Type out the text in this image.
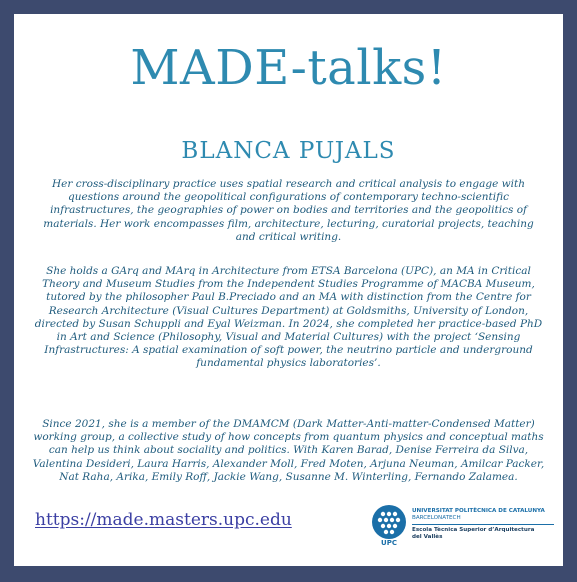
MADE-talks!
BLANCA PUJALS
Her cross-disciplinary practice uses spatial research and critical analysis to engage with questions around the geopolitical configurations of contemporary techno-scientific infrastructures, the geographies of power on bodies and territories and the geopolitics of materials. Her work encompasses film, architecture, lecturing, curatorial projects, teaching and critical writing.
She holds a GArq and MArq in Architecture from ETSA Barcelona (UPC), an MA in Critical Theory and Museum Studies from the Independent Studies Programme of MACBA Museum, tutored by the philosopher Paul B.Preciado and an MA with distinction from the Centre for Research Architecture (Visual Cultures Department) at Goldsmiths, University of London, directed by Susan Schuppli and Eyal Weizman. In 2024, she completed her practice-based PhD in Art and Science (Philosophy, Visual and Material Cultures) with the project ‘Sensing Infrastructures: A spatial examination of soft power, the neutrino particle and underground fundamental physics laboratories’.
Since 2021, she is a member of the DMAMCM (Dark Matter-Anti-matter-Condensed Matter) working group, a collective study of how concepts from quantum physics and conceptual maths can help us think about sociality and politics. With Karen Barad, Denise Ferreira da Silva, Valentina Desideri, Laura Harris, Alexander Moll, Fred Moten, Arjuna Neuman, Amilcar Packer, Nat Raha, Arika, Emily Roff, Jackie Wang, Susanne M. Winterling, Fernando Zalamea.
https://made.masters.upc.edu
UPC
UNIVERSITAT POLITÈCNICA DE CATALUNYA
BARCELONATECH
Escola Tècnica Superior d’Arquitectura
del Vallès
